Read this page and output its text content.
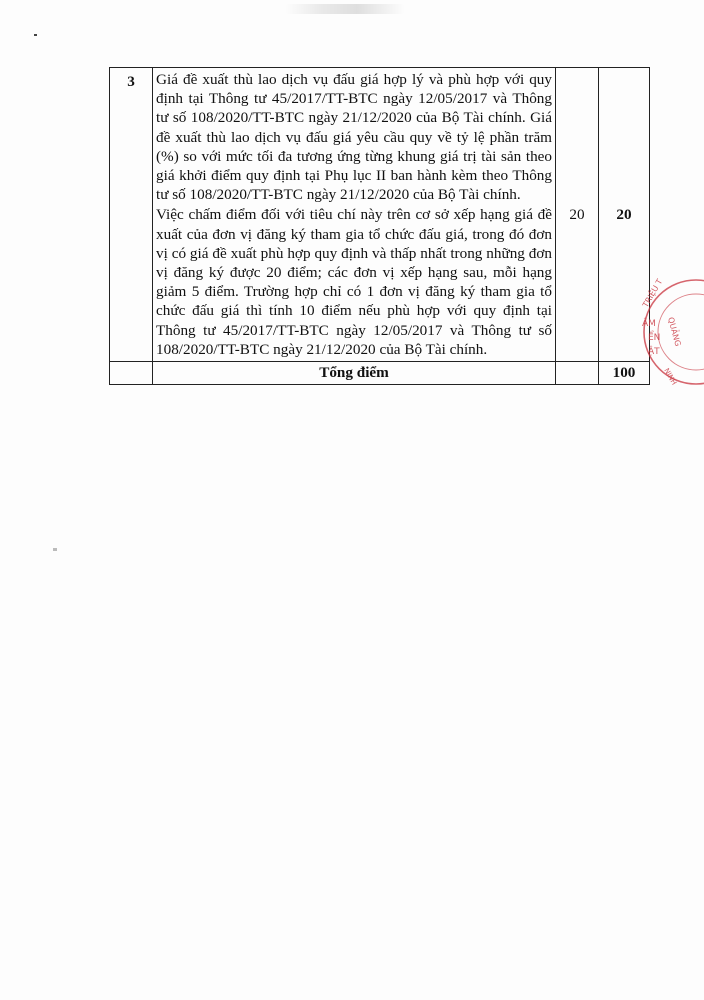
3	Giá đề xuất thù lao dịch vụ đấu giá hợp lý và phù hợp với quy định tại Thông tư 45/2017/TT-BTC ngày 12/05/2017 và Thông tư số 108/2020/TT-BTC ngày 21/12/2020 của Bộ Tài chính. Giá đề xuất thù lao dịch vụ đấu giá yêu cầu quy về tỷ lệ phần trăm (%) so với mức tối đa tương ứng từng khung giá trị tài sản theo giá khởi điểm quy định tại Phụ lục II ban hành kèm theo Thông tư số 108/2020/TT-BTC ngày 21/12/2020 của Bộ Tài chính.

Việc chấm điểm đối với tiêu chí này trên cơ sở xếp hạng giá đề xuất của đơn vị đăng ký tham gia tổ chức đấu giá, trong đó đơn vị có giá đề xuất phù hợp quy định và thấp nhất trong những đơn vị đăng ký được 20 điểm; các đơn vị xếp hạng sau, mỗi hạng giảm 5 điểm. Trường hợp chỉ có 1 đơn vị đăng ký tham gia tổ chức đấu giá thì tính 10 điểm nếu phù hợp với quy định tại Thông tư 45/2017/TT-BTC ngày 12/05/2017 và Thông tư số 108/2020/TT-BTC ngày 21/12/2020 của Bộ Tài chính.	20	20
	Tổng điểm		100
TRIỆU T
QUẢNG
ÂM
ỂN
ẬT
NINH
